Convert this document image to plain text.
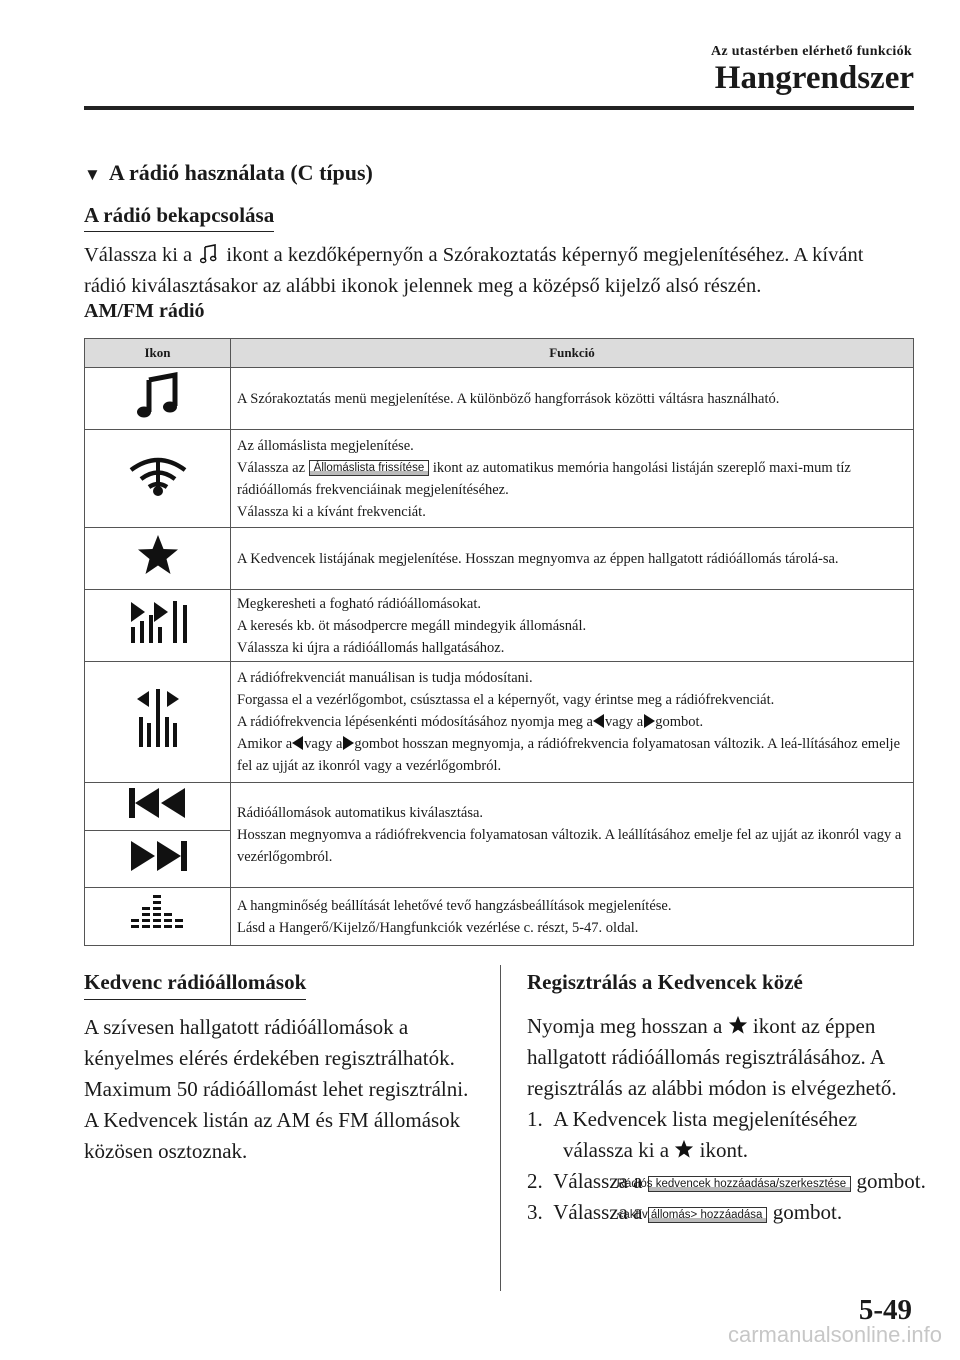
Az utastérben elérhető funkciók
Hangrendszer
▼ A rádió használata (C típus)
A rádió bekapcsolása
Válassza ki a ikont a kezdőképernyőn a Szórakoztatás képernyő megjelenítéséhez. A kívánt rádió kiválasztásakor az alábbi ikonok jelennek meg a középső kijelző alsó részén.
AM/FM rádió
Ikon	Funkció
	A Szórakoztatás menü megjelenítése. A különböző hangforrások közötti váltásra használható.

Az állomáslista megjelenítése.
Válassza az Állomáslista frissítése ikont az automatikus memória hangolási listáján szereplő maxi-mum tíz rádióállomás frekvenciáinak megjelenítéséhez.
Válassza ki a kívánt frekvenciát.

	A Kedvencek listájának megjelenítése. Hosszan megnyomva az éppen hallgatott rádióállomás tárolá-sa.

Megkeresheti a fogható rádióállomásokat.
A keresés kb. öt másodpercre megáll mindegyik állomásnál.
Válassza ki újra a rádióállomás hallgatásához.

A rádiófrekvenciát manuálisan is tudja módosítani.
Forgassa el a vezérlőgombot, csúsztassa el a képernyőt, vagy érintse meg a rádiófrekvenciát.
A rádiófrekvencia lépésenkénti módosításához nyomja meg a vagy a gombot.
Amikor a vagy a gombot hosszan megnyomja, a rádiófrekvencia folyamatosan változik. A leá-llításához emelje fel az ujját az ikonról vagy a vezérlőgombról.

Rádióállomások automatikus kiválasztása.
Hosszan megnyomva a rádiófrekvencia folyamatosan változik. A leállításához emelje fel az ujját az ikonról vagy a vezérlőgombról.

A hangminőség beállítását lehetővé tevő hangzásbeállítások megjelenítése.
Lásd a Hangerő/Kijelző/Hangfunkciók vezérlése c. részt, 5-47. oldal.
Kedvenc rádióállomások
A szívesen hallgatott rádióállomások a kényelmes elérés érdekében regisztrálhatók. Maximum 50 rádióállomást lehet regisztrálni. A Kedvencek listán az AM és FM állomások közösen osztoznak.
Regisztrálás a Kedvencek közé
Nyomja meg hosszan a ikont az éppen hallgatott rádióállomás regisztrálásához. A regisztrálás az alábbi módon is elvégezhető.
1. A Kedvencek lista megjelenítéséhez válassza ki a ikont.
2. Válassza a Rádiós kedvencek hozzáadása/szerkesztése gombot.
3. Válassza a <aktív állomás> hozzáadása gombot.
5-49
carmanualsonline.info
